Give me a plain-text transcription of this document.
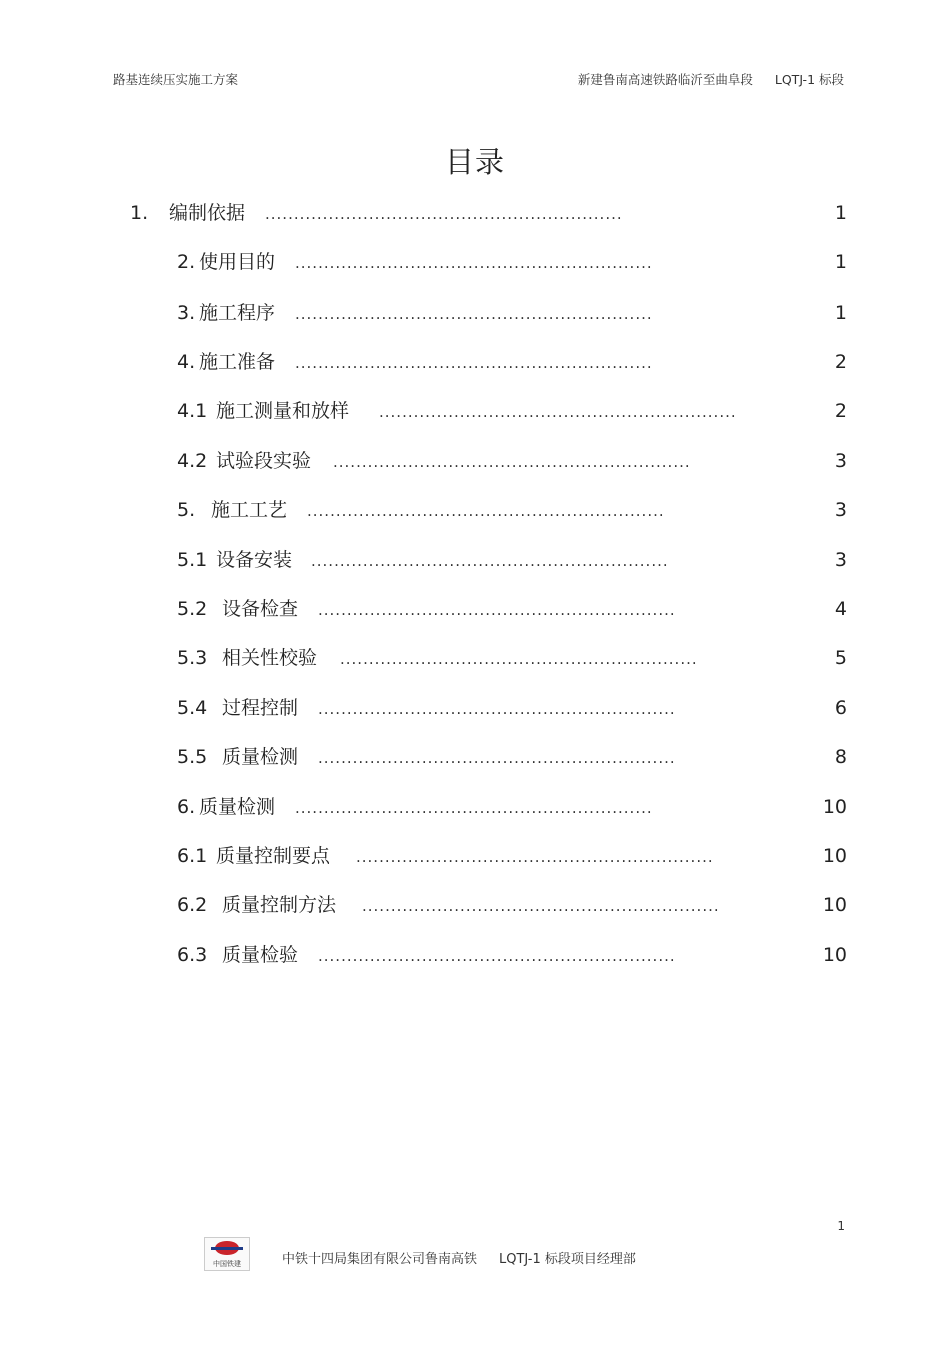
路基连续压实施工方案	新建鲁南高速铁路临沂至曲阜段 LQTJ-1 标段
目录
1. 编制依据 ..............................................................	1
2. 使用目的 ..............................................................	1
3. 施工程序 ..............................................................	1
4. 施工准备 ..............................................................	2
4.1 施工测量和放样 ..............................................................	2
4.2 试验段实验 ..............................................................	3
5. 施工工艺 ..............................................................	3
5.1 设备安装 ..............................................................	3
5.2 设备检查 ..............................................................	4
5.3 相关性校验 ..............................................................	5
5.4 过程控制 ..............................................................	6
5.5 质量检测 ..............................................................	8
6. 质量检测 ..............................................................	10
6.1 质量控制要点 ..............................................................	10
6.2 质量控制方法 ..............................................................	10
6.3 质量检验 ..............................................................	10
1
中国铁建	中铁十四局集团有限公司鲁南高铁 LQTJ-1 标段项目经理部
